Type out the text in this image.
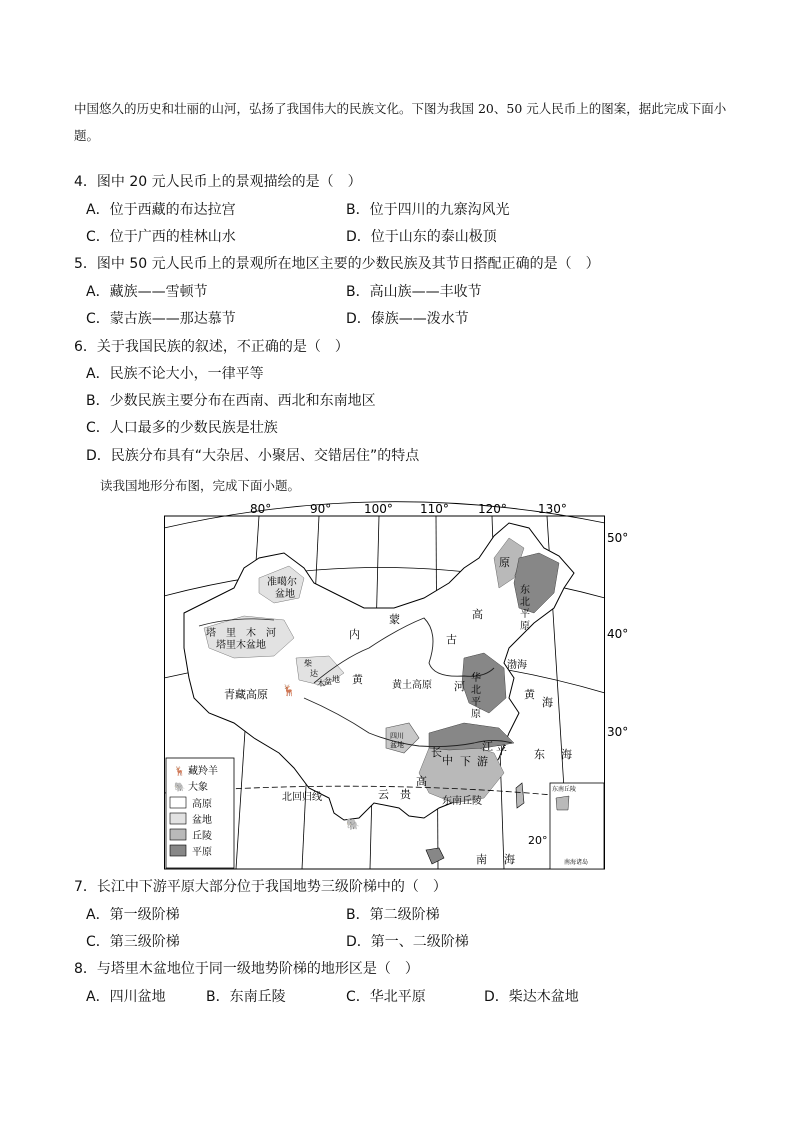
中国悠久的历史和壮丽的山河，弘扬了我国伟大的民族文化。下图为我国 20、50 元人民币上的图案，据此完成下面小题。
4．图中 20 元人民币上的景观描绘的是（　）
A．位于西藏的布达拉宫	B．位于四川的九寨沟风光
C．位于广西的桂林山水	D．位于山东的泰山极顶
5．图中 50 元人民币上的景观所在地区主要的少数民族及其节日搭配正确的是（　）
A．藏族——雪顿节	B．高山族——丰收节
C．蒙古族——那达慕节	D．傣族——泼水节
6．关于我国民族的叙述，不正确的是（　）
A．民族不论大小，一律平等
B．少数民族主要分布在西南、西北和东南地区
C．人口最多的少数民族是壮族
D．民族分布具有“大杂居、小聚居、交错居住”的特点
读我国地形分布图，完成下面小题。
80°	90°	100° 110° 120°	130°
50°
40°
30°
20°
准噶尔
盆地
塔　里　木　河
塔里木盆地
柴
达
木 盆 地
青藏高原
内
蒙
古
高
原
黄	黄土高原 河
华
北
平
原
渤海
黄
海
东 海
南 海
东
北
平
原
四川
盆地
云 贵
高
长
中 下 游
江 平
东南丘陵
北回归线
东南丘陵
南海诸岛
🦌
🐘
🦌 藏羚羊
🐘 大象
高原
盆地
丘陵
平原
7．长江中下游平原大部分位于我国地势三级阶梯中的（　）
A．第一级阶梯	B．第二级阶梯
C．第三级阶梯	D．第一、二级阶梯
8．与塔里木盆地位于同一级地势阶梯的地形区是（　）
A．四川盆地	B．东南丘陵	C．华北平原	D．柴达木盆地
